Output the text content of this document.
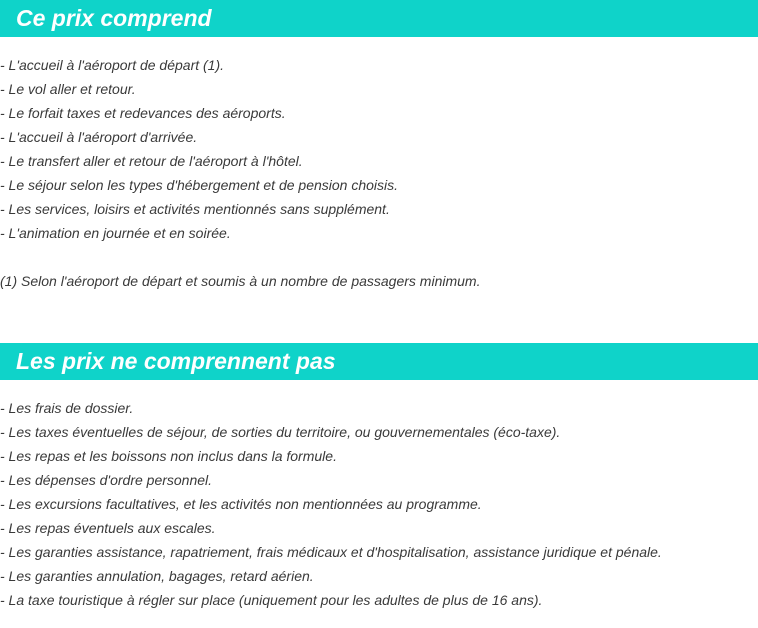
Ce prix comprend
- L'accueil à l'aéroport de départ (1).
- Le vol aller et retour.
- Le forfait taxes et redevances des aéroports.
- L'accueil à l'aéroport d'arrivée.
- Le transfert aller et retour de l'aéroport à l'hôtel.
- Le séjour selon les types d'hébergement et de pension choisis.
- Les services, loisirs et activités mentionnés sans supplément.
- L'animation en journée et en soirée.

(1) Selon l'aéroport de départ et soumis à un nombre de passagers minimum.

Les prix ne comprennent pas
- Les frais de dossier.
- Les taxes éventuelles de séjour, de sorties du territoire, ou gouvernementales (éco-taxe).
- Les repas et les boissons non inclus dans la formule.
- Les dépenses d'ordre personnel.
- Les excursions facultatives, et les activités non mentionnées au programme.
- Les repas éventuels aux escales.
- Les garanties assistance, rapatriement, frais médicaux et d'hospitalisation, assistance juridique et pénale.
- Les garanties annulation, bagages, retard aérien.
- La taxe touristique à régler sur place (uniquement pour les adultes de plus de 16 ans).
